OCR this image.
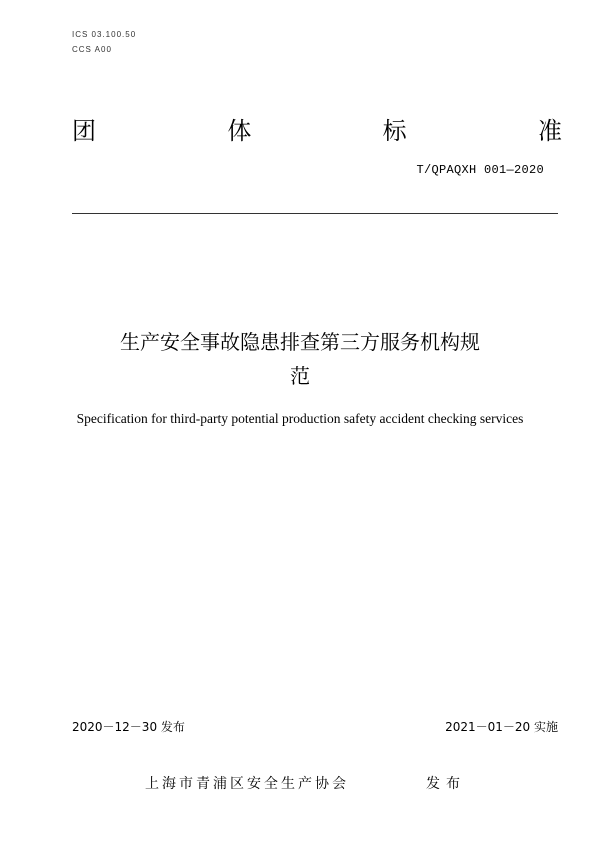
ICS 03.100.50
CCS A00
团	体	标	准
T/QPAQXH 001—2020
生产安全事故隐患排查第三方服务机构规
范
Specification for third-party potential production safety accident checking services
2020－12－30 发布	2021－01－20 实施
上海市青浦区安全生产协会	发布
